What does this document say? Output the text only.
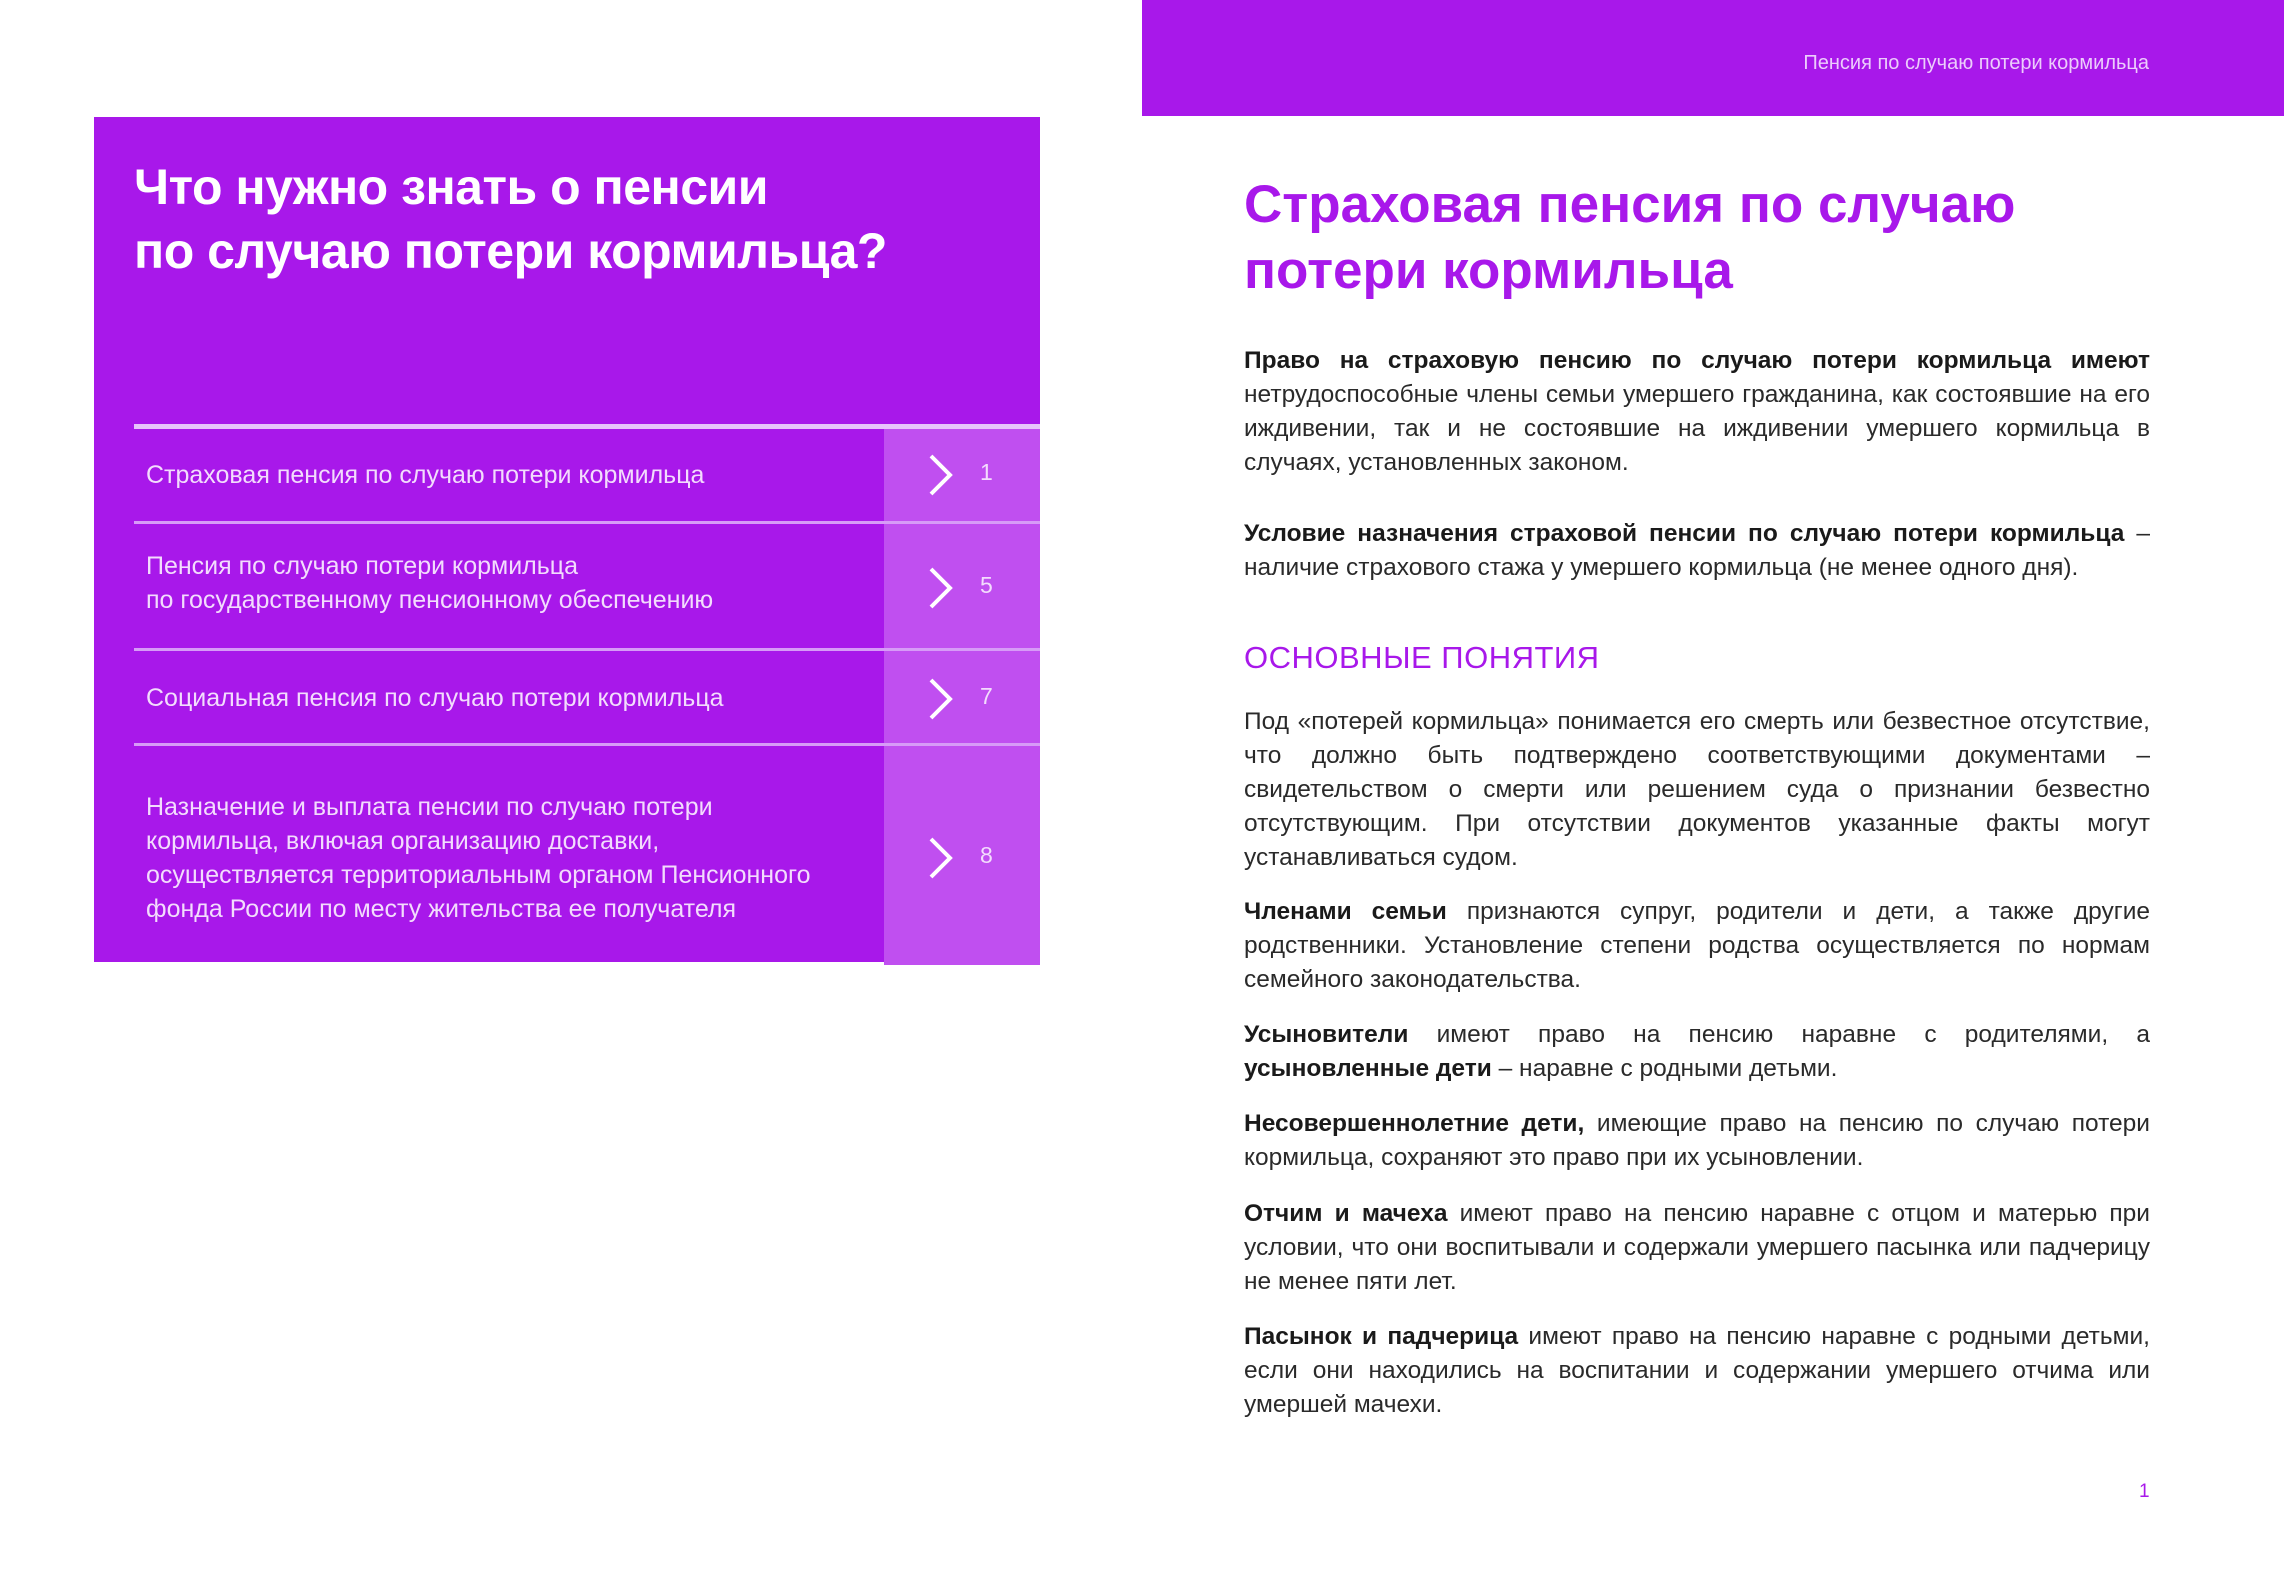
Что нужно знать о пенсии
по случаю потери кормильца?
Страховая пенсия по случаю потери кормильца	1
Пенсия по случаю потери кормильца
по государственному пенсионному обеспечению
5
Социальная пенсия по случаю потери кормильца	7
Назначение и выплата пенсии по случаю потери
кормильца, включая организацию доставки,
осуществляется территориальным органом Пенсионного
фонда России по месту жительства ее получателя
8
Пенсия по случаю потери кормильца
Страховая пенсия по случаю
потери кормильца

Право на страховую пенсию по случаю потери кормильца имеют нетрудоспособные члены семьи умершего гражданина, как состоявшие на его иждивении, так и не состоявшие на иждивении умершего кормильца в случаях, установленных законом.

Условие назначения страховой пенсии по случаю потери кормильца – наличие страхового стажа у умершего кормильца (не менее одного дня).

ОСНОВНЫЕ ПОНЯТИЯ

Под «потерей кормильца» понимается его смерть или безвестное отсутствие, что должно быть подтверждено соответствующими документами – свидетельством о смерти или решением суда о признании безвестно отсутствующим. При отсутствии документов указанные факты могут устанавливаться судом.

Членами семьи признаются супруг, родители и дети, а также другие родственники. Установление степени родства осуществляется по нормам семейного законодательства.

Усыновители имеют право на пенсию наравне с родителями, а усыновленные дети – наравне с родными детьми.

Несовершеннолетние дети, имеющие право на пенсию по случаю потери кормильца, сохраняют это право при их усыновлении.

Отчим и мачеха имеют право на пенсию наравне с отцом и матерью при условии, что они воспитывали и содержали умершего пасынка или падчерицу не менее пяти лет.

Пасынок и падчерица имеют право на пенсию наравне с родными детьми, если они находились на воспитании и содержании умершего отчима или умершей мачехи.

1
